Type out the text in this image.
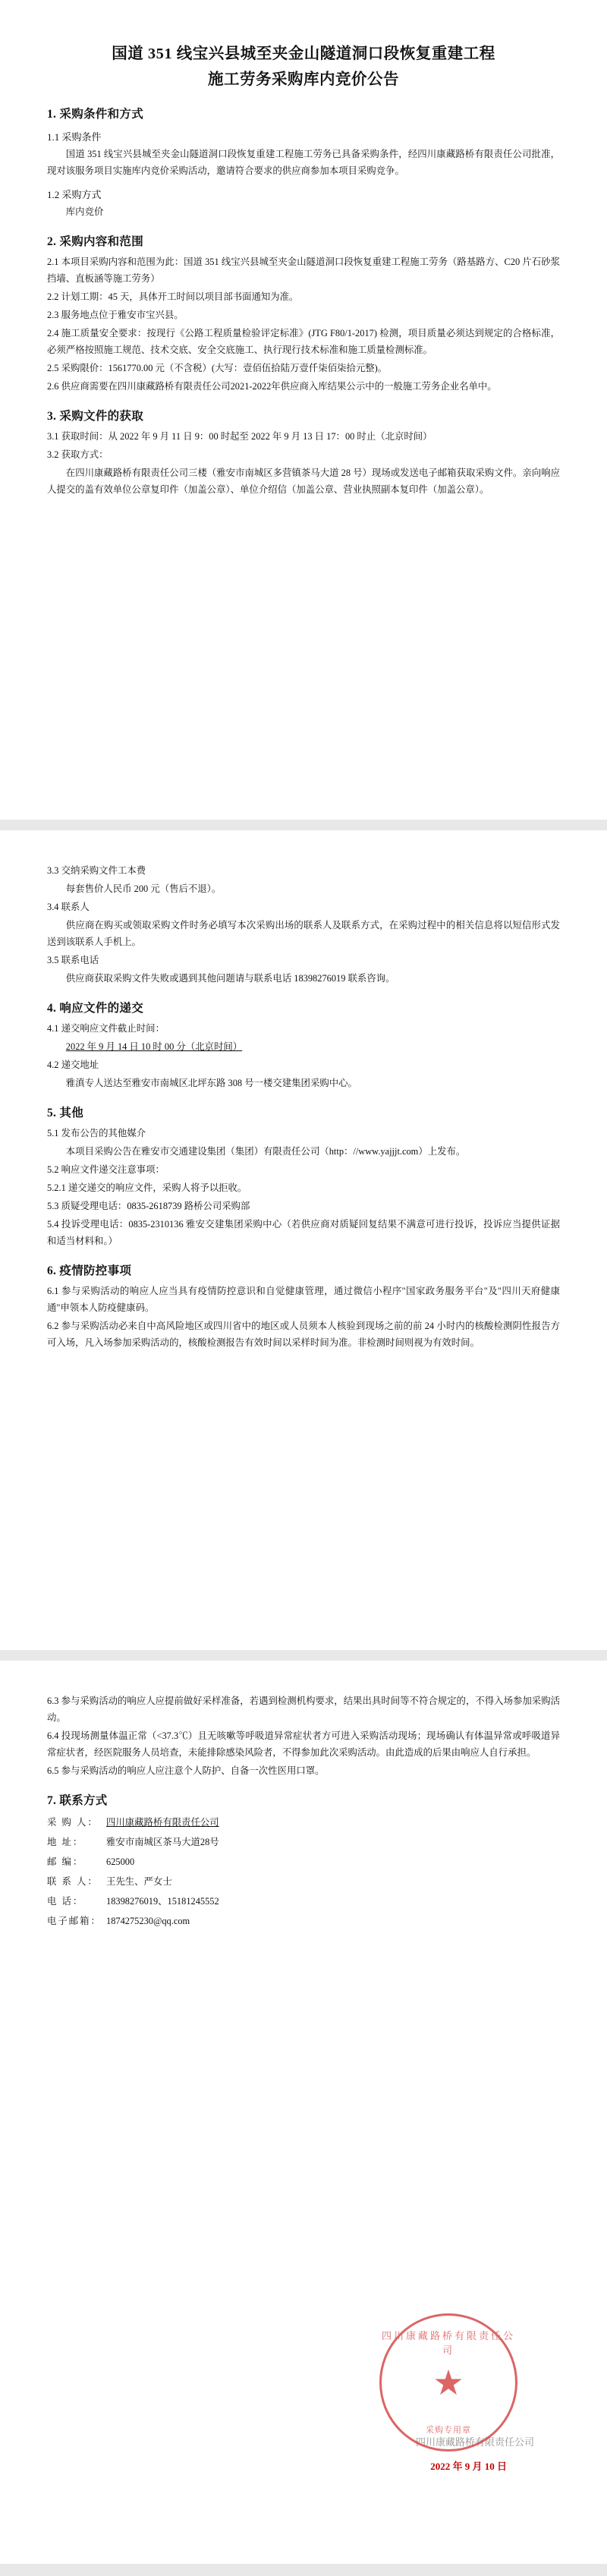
国道 351 线宝兴县城至夹金山隧道洞口段恢复重建工程
施工劳务采购库内竞价公告
1. 采购条件和方式
1.1 采购条件

国道 351 线宝兴县城至夹金山隧道洞口段恢复重建工程施工劳务已具备采购条件，经四川康藏路桥有限责任公司批准，现对该服务项目实施库内竞价采购活动，邀请符合要求的供应商参加本项目采购竞争。

1.2 采购方式

库内竞价

2. 采购内容和范围

2.1 本项目采购内容和范围为此：国道 351 线宝兴县城至夹金山隧道洞口段恢复重建工程施工劳务（路基路方、C20 片石砂浆挡墙、直板涵等施工劳务）

2.2 计划工期：45 天，具体开工时间以项目部书面通知为准。

2.3 服务地点位于雅安市宝兴县。

2.4 施工质量安全要求：按现行《公路工程质量检验评定标准》(JTG F80/1-2017) 检测，项目质量必须达到规定的合格标准，必须严格按照施工规范、技术交底、安全交底施工、执行现行技术标准和施工质量检测标准。

2.5 采购限价：1561770.00 元（不含税）(大写：壹佰伍拾陆万壹仟柒佰柒拾元整)。

2.6 供应商需要在四川康藏路桥有限责任公司2021-2022年供应商入库结果公示中的一般施工劳务企业名单中。

3. 采购文件的获取

3.1 获取时间：从 2022 年 9 月 11 日 9：00 时起至 2022 年 9 月 13 日 17：00 时止（北京时间）

3.2 获取方式：

在四川康藏路桥有限责任公司三楼（雅安市南城区多营镇茶马大道 28 号）现场或发送电子邮箱获取采购文件。亲向响应人提交的盖有效单位公章复印件（加盖公章）、单位介绍信（加盖公章、营业执照副本复印件（加盖公章）。

3.3 交纳采购文件工本费

每套售价人民币 200 元（售后不退）。

3.4 联系人

供应商在购买或领取采购文件时务必填写本次采购出场的联系人及联系方式，在采购过程中的相关信息将以短信形式发送到该联系人手机上。

3.5 联系电话

供应商获取采购文件失败或遇到其他问题请与联系电话 18398276019 联系咨询。

4. 响应文件的递交

4.1 递交响应文件截止时间：

2022 年 9 月 14 日 10 时 00 分（北京时间）

4.2 递交地址

雅滇专人送达至雅安市南城区北坪东路 308 号一楼交建集团采购中心。

5. 其他

5.1 发布公告的其他媒介

本项目采购公告在雅安市交通建设集团（集团）有限责任公司（http：//www.yajjjt.com）上发布。

5.2 响应文件递交注意事项：

5.2.1 递交递交的响应文件，采购人将予以拒收。

5.3 质疑受理电话：0835-2618739 路桥公司采购部

5.4 投诉受理电话：0835-2310136 雅安交建集团采购中心（若供应商对质疑回复结果不满意可进行投诉，投诉应当提供证据和适当材料和。）

6. 疫情防控事项

6.1 参与采购活动的响应人应当具有疫情防控意识和自觉健康管理，通过微信小程序"国家政务服务平台"及"四川天府健康通"申领本人防疫健康码。

6.2 参与采购活动必来自中高风险地区或四川省中的地区或人员须本人核验到现场之前的前 24 小时内的核酸检测阴性报告方可入场，凡入场参加采购活动的，核酸检测报告有效时间以采样时间为准。非检测时间则视为有效时间。

6.3 参与采购活动的响应人应提前做好采样准备，若遇到检测机构要求，结果出具时间等不符合规定的，不得入场参加采购活动。

6.4 投现场测量体温正常（<37.3℃）且无咳嗽等呼吸道异常症状者方可进入采购活动现场；现场确认有体温异常或呼吸道异常症状者，经医院服务人员培查，未能排除感染风险者，不得参加此次采购活动。由此造成的后果由响应人自行承担。

6.5 参与采购活动的响应人应注意个人防护、自备一次性医用口罩。

7. 联系方式
采 购 人： 四川康藏路桥有限责任公司
地 址：	雅安市南城区茶马大道28号
邮 编：	625000
联 系 人： 王先生、严女士
电 话：	18398276019、15181245552
电子邮箱： 1874275230@qq.com
四川康藏路桥有限责任公司
四川康藏路桥有限责任公司
★
采购专用章
2022 年 9 月 10 日
